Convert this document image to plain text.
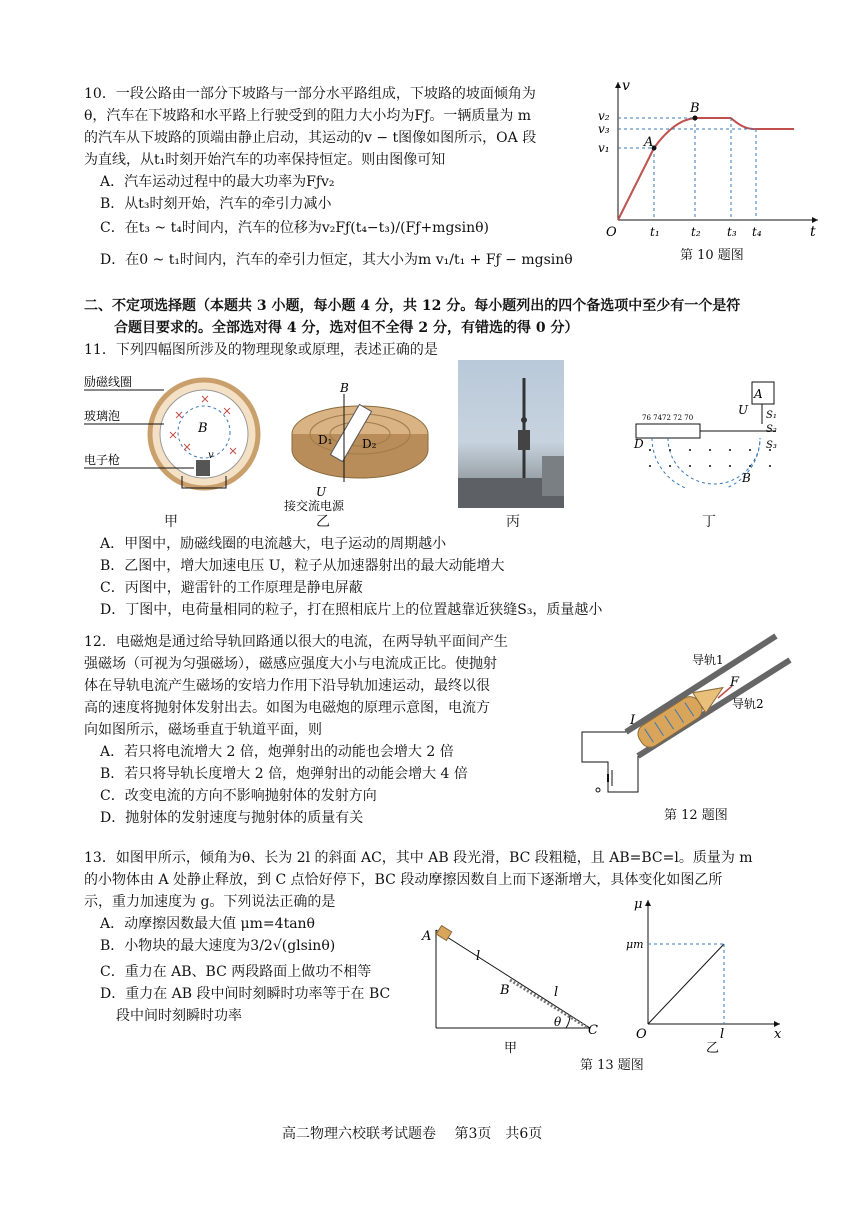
10．一段公路由一部分下坡路与一部分水平路组成，下坡路的坡面倾角为
θ，汽车在下坡路和水平路上行驶受到的阻力大小均为Fƒ。一辆质量为 m
的汽车从下坡路的顶端由静止启动，其运动的v − t图像如图所示，OA 段
为直线，从t₁时刻开始汽车的功率保持恒定。则由图像可知
A．汽车运动过程中的最大功率为Fƒv₂
B．从t₃时刻开始，汽车的牵引力减小
C．在t₃ ~ t₄时间内，汽车的位移为v₂Fƒ(t₄−t₃)/(Fƒ+mgsinθ)
D．在0 ~ t₁时间内，汽车的牵引力恒定，其大小为m v₁/t₁ + Fƒ − mgsinθ
v
t
O
v₁
v₂
v₃
A
B
t₁	t₂ t₃ t₄
第 10 题图
二、不定项选择题（本题共 3 小题，每小题 4 分，共 12 分。每小题列出的四个备选项中至少有一个是符
合题目要求的。全部选对得 4 分，选对但不全得 2 分，有错选的得 0 分）
11．下列四幅图所涉及的物理现象或原理，表述正确的是
励磁线圈
玻璃泡
电子枪
B
v
B
D₁ D₂
U
接交流电源
A
U S₁
S₂
S₃
D
B
76 7472 72 70
甲	乙	丙	丁
A．甲图中，励磁线圈的电流越大，电子运动的周期越小
B．乙图中，增大加速电压 U，粒子从加速器射出的最大动能增大
C．丙图中，避雷针的工作原理是静电屏蔽
D．丁图中，电荷量相同的粒子，打在照相底片上的位置越靠近狭缝S₃，质量越小
12．电磁炮是通过给导轨回路通以很大的电流，在两导轨平面间产生
强磁场（可视为匀强磁场），磁感应强度大小与电流成正比。使抛射
体在导轨电流产生磁场的安培力作用下沿导轨加速运动，最终以很
高的速度将抛射体发射出去。如图为电磁炮的原理示意图，电流方
向如图所示，磁场垂直于轨道平面，则
A．若只将电流增大 2 倍，炮弹射出的动能也会增大 2 倍
B．若只将导轨长度增大 2 倍，炮弹射出的动能会增大 4 倍
C．改变电流的方向不影响抛射体的发射方向
D．抛射体的发射速度与抛射体的质量有关
导轨1
导轨2
I
F
第 12 题图
13．如图甲所示，倾角为θ、长为 2l 的斜面 AC，其中 AB 段光滑，BC 段粗糙，且 AB=BC=l。质量为 m
的小物体由 A 处静止释放，到 C 点恰好停下，BC 段动摩擦因数自上而下逐渐增大，具体变化如图乙所
示，重力加速度为 g。下列说法正确的是
A．动摩擦因数最大值 μm=4tanθ
B．小物块的最大速度为3/2√(glsinθ)
C．重力在 AB、BC 两段路面上做功不相等
D．重力在 AB 段中间时刻瞬时功率等于在 BC
段中间时刻瞬时功率
A
B
C
l
l
θ
甲
μ
μm
O	l	x
乙
第 13 题图
高二物理六校联考试题卷　 第3页　共6页
